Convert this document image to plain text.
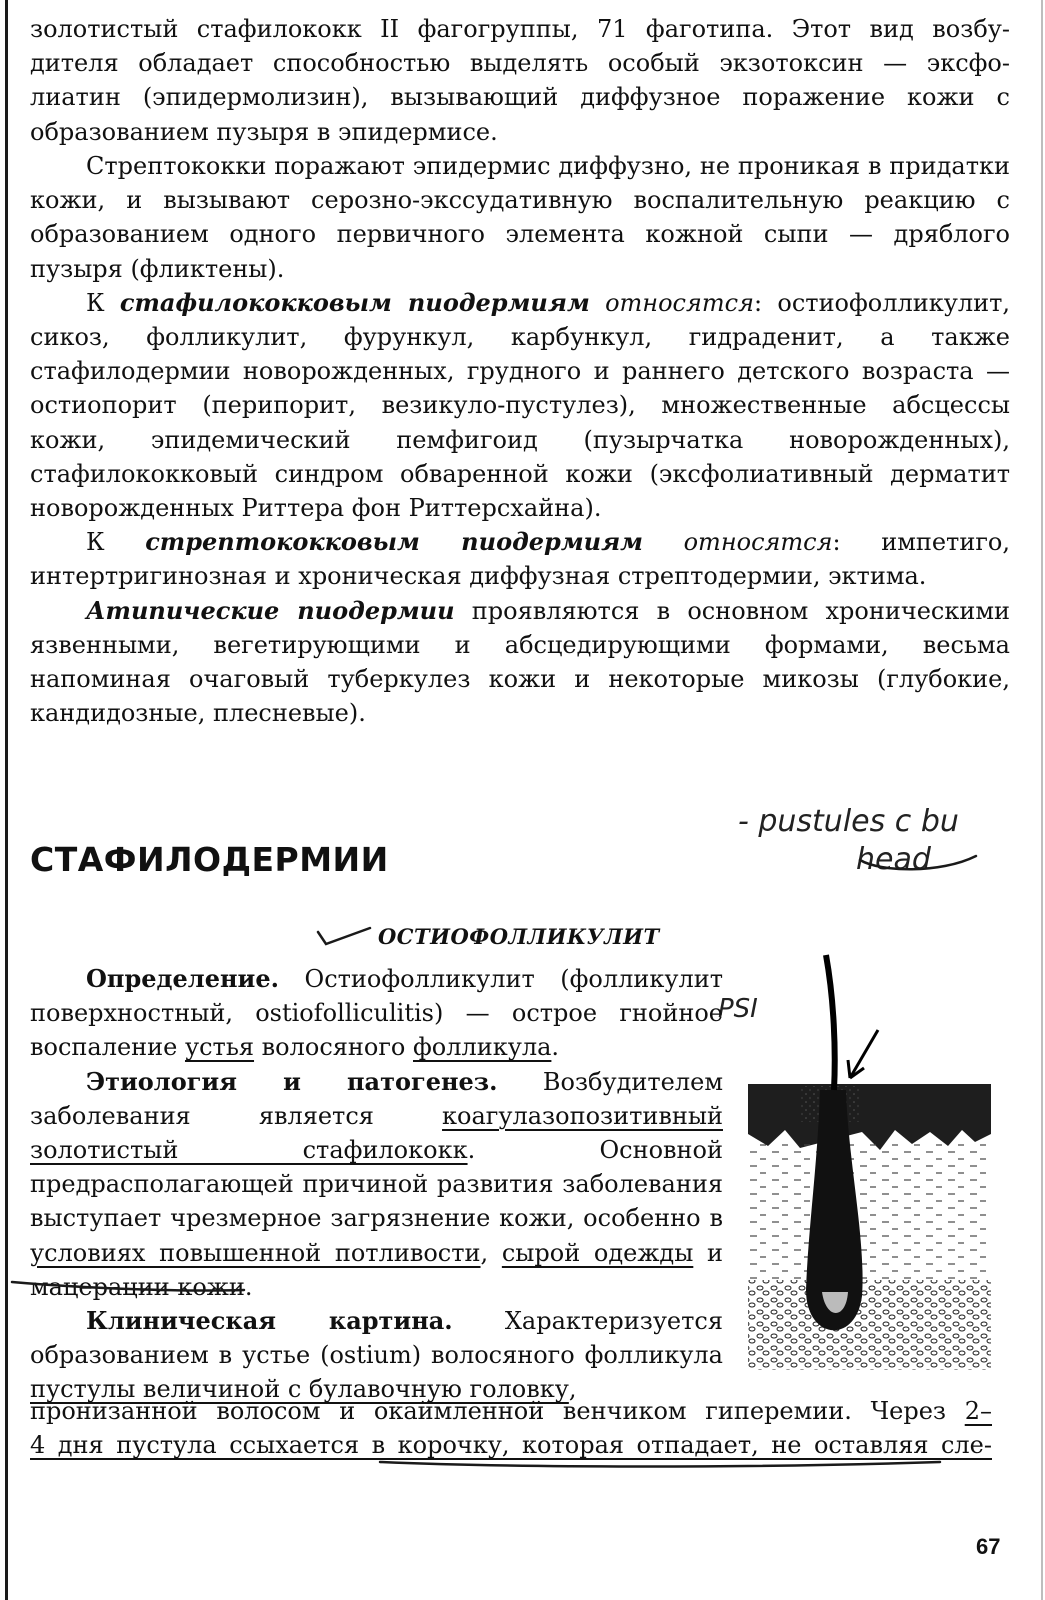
золотистый стафилококк II фагогруппы, 71 фаготипа. Этот вид возбу-
дителя обладает способностью выделять особый экзотоксин — эксфо-
лиатин (эпидермолизин), вызывающий диффузное поражение кожи с
образованием пузыря в эпидермисе.

Стрептококки поражают эпидермис диффузно, не проникая в придатки кожи, и вызывают серозно-экссудативную воспалительную реакцию с образованием одного первичного элемента кожной сыпи — дряблого пузыря (фликтены).

К стафилококковым пиодермиям относятся: остиофолликулит, сикоз, фолликулит, фурункул, карбункул, гидраденит, а также стафилодермии новорожденных, грудного и раннего детского возраста — остиопорит (перипорит, везикуло-пустулез), множественные абсцессы кожи, эпидемический пемфигоид (пузырчатка новорожденных), стафилококковый синдром обваренной кожи (эксфолиативный дерматит новорожденных Риттера фон Риттерсхайна).

К стрептококковым пиодермиям относятся: импетиго, интертригинозная и хроническая диффузная стрептодермии, эктима.

Атипические пиодермии проявляются в основном хроническими язвенными, вегетирующими и абсцедирующими формами, весьма напоминая очаговый туберкулез кожи и некоторые микозы (глубокие, кандидозные, плесневые).

СТАФИЛОДЕРМИИ
- pustules c bu
head
PSI
ОСТИОФОЛЛИКУЛИТ

Определение. Остиофолликулит (фолликулит поверхностный, ostiofolliculitis) — острое гнойное воспаление устья волосяного фолликула.

Этиология и патогенез. Возбудителем заболевания является коагулазопозитивный золотистый стафилококк. Основной предрасполагающей причиной развития заболевания выступает чрезмерное загрязнение кожи, особенно в условиях повышенной потливости, сырой одежды и мацерации кожи.

Клиническая картина. Характеризуется образованием в устье (ostium) волосяного фолликула пустулы величиной с булавочную головку,

пронизанной волосом и окаймленной венчиком гиперемии. Через 2–
4 дня пустула ссыхается в корочку, которая отпадает, не оставляя сле-
67
